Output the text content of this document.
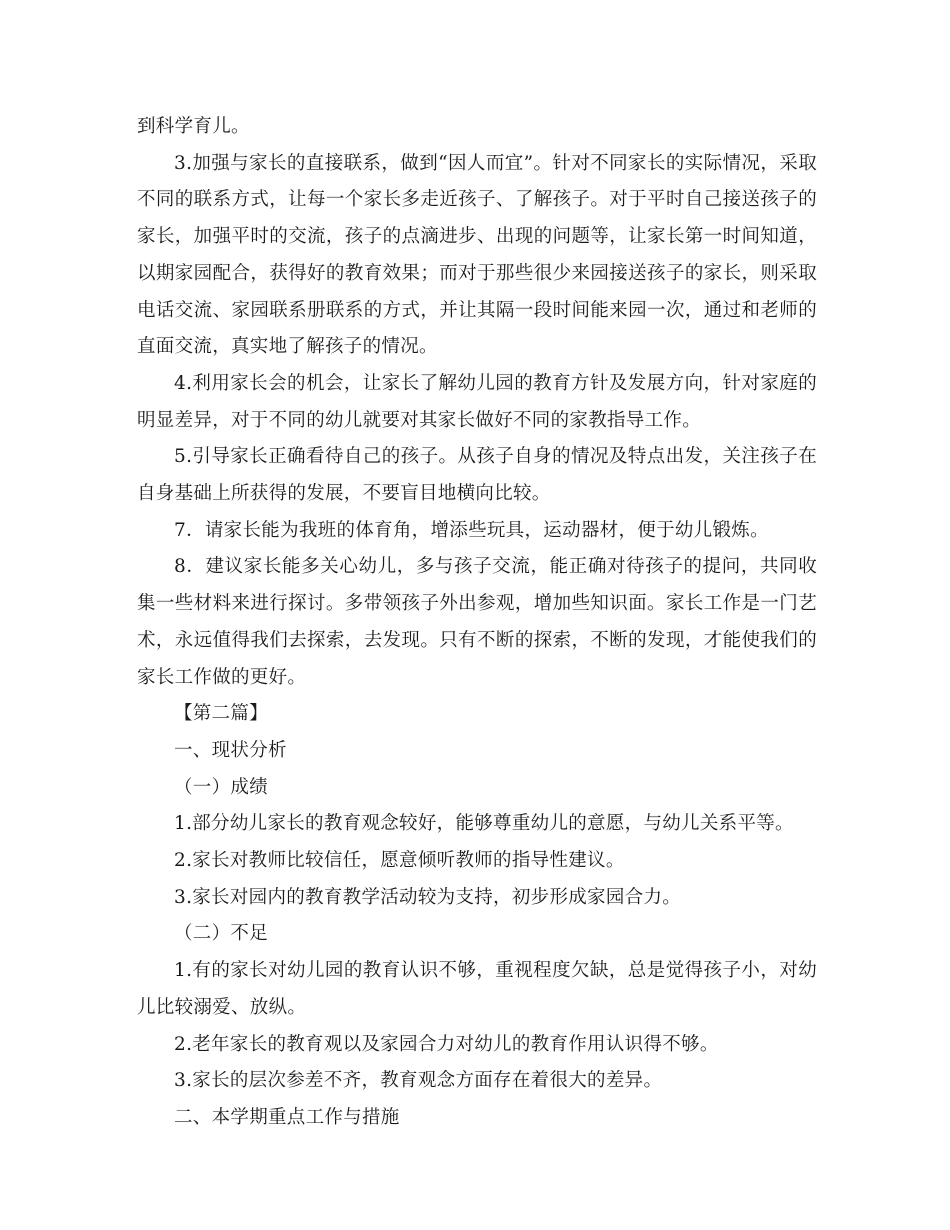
到科学育儿。

3.加强与家长的直接联系，做到“因人而宜”。针对不同家长的实际情况，采取不同的联系方式，让每一个家长多走近孩子、了解孩子。对于平时自己接送孩子的家长，加强平时的交流，孩子的点滴进步、出现的问题等，让家长第一时间知道，以期家园配合，获得好的教育效果；而对于那些很少来园接送孩子的家长，则采取电话交流、家园联系册联系的方式，并让其隔一段时间能来园一次，通过和老师的直面交流，真实地了解孩子的情况。

4.利用家长会的机会，让家长了解幼儿园的教育方针及发展方向，针对家庭的明显差异，对于不同的幼儿就要对其家长做好不同的家教指导工作。

5.引导家长正确看待自己的孩子。从孩子自身的情况及特点出发，关注孩子在自身基础上所获得的发展，不要盲目地横向比较。

7．请家长能为我班的体育角，增添些玩具，运动器材，便于幼儿锻炼。

8．建议家长能多关心幼儿，多与孩子交流，能正确对待孩子的提问，共同收集一些材料来进行探讨。多带领孩子外出参观，增加些知识面。家长工作是一门艺术，永远值得我们去探索，去发现。只有不断的探索，不断的发现，才能使我们的家长工作做的更好。

【第二篇】

一、现状分析

（一）成绩

1.部分幼儿家长的教育观念较好，能够尊重幼儿的意愿，与幼儿关系平等。

2.家长对教师比较信任，愿意倾听教师的指导性建议。

3.家长对园内的教育教学活动较为支持，初步形成家园合力。

（二）不足

1.有的家长对幼儿园的教育认识不够，重视程度欠缺，总是觉得孩子小，对幼儿比较溺爱、放纵。

2.老年家长的教育观以及家园合力对幼儿的教育作用认识得不够。

3.家长的层次参差不齐，教育观念方面存在着很大的差异。

二、本学期重点工作与措施
